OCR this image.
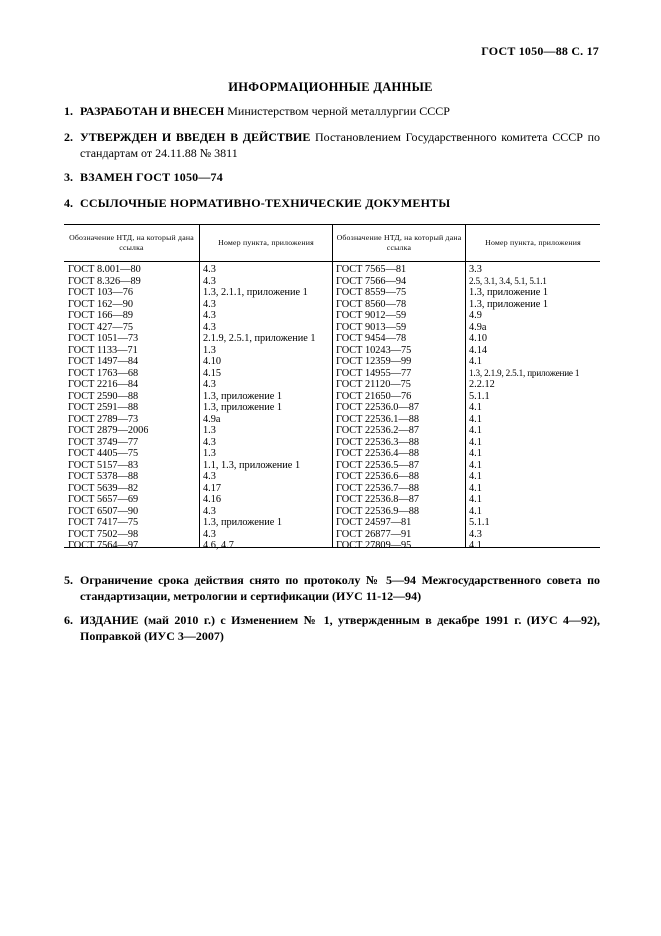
ГОСТ 1050—88 С. 17
ИНФОРМАЦИОННЫЕ ДАННЫЕ
1. РАЗРАБОТАН И ВНЕСЕН Министерством черной металлургии СССР
2. УТВЕРЖДЕН И ВВЕДЕН В ДЕЙСТВИЕ Постановлением Государственного комитета СССР по стандартам от 24.11.88 № 3811
3. ВЗАМЕН ГОСТ 1050—74
4. ССЫЛОЧНЫЕ НОРМАТИВНО-ТЕХНИЧЕСКИЕ ДОКУМЕНТЫ
Обозначение НТД, на который дана ссылка
Номер пункта, приложения
Обозначение НТД, на который дана ссылка
Номер пункта, приложения
ГОСТ 8.001—80
ГОСТ 8.326—89
ГОСТ 103—76
ГОСТ 162—90
ГОСТ 166—89
ГОСТ 427—75
ГОСТ 1051—73
ГОСТ 1133—71
ГОСТ 1497—84
ГОСТ 1763—68
ГОСТ 2216—84
ГОСТ 2590—88
ГОСТ 2591—88
ГОСТ 2789—73
ГОСТ 2879—2006
ГОСТ 3749—77
ГОСТ 4405—75
ГОСТ 5157—83
ГОСТ 5378—88
ГОСТ 5639—82
ГОСТ 5657—69
ГОСТ 6507—90
ГОСТ 7417—75
ГОСТ 7502—98
ГОСТ 7564—97
4.3
4.3
1.3, 2.1.1, приложение 1
4.3
4.3
4.3
2.1.9, 2.5.1, приложение 1
1.3
4.10
4.15
4.3
1.3, приложение 1
1.3, приложение 1
4.9а
1.3
4.3
1.3
1.1, 1.3, приложение 1
4.3
4.17
4.16
4.3
1.3, приложение 1
4.3
4.6, 4.7
ГОСТ 7565—81
ГОСТ 7566—94
ГОСТ 8559—75
ГОСТ 8560—78
ГОСТ 9012—59
ГОСТ 9013—59
ГОСТ 9454—78
ГОСТ 10243—75
ГОСТ 12359—99
ГОСТ 14955—77
ГОСТ 21120—75
ГОСТ 21650—76
ГОСТ 22536.0—87
ГОСТ 22536.1—88
ГОСТ 22536.2—87
ГОСТ 22536.3—88
ГОСТ 22536.4—88
ГОСТ 22536.5—87
ГОСТ 22536.6—88
ГОСТ 22536.7—88
ГОСТ 22536.8—87
ГОСТ 22536.9—88
ГОСТ 24597—81
ГОСТ 26877—91
ГОСТ 27809—95
3.3
2.5, 3.1, 3.4, 5.1, 5.1.1
1.3, приложение 1
1.3, приложение 1
4.9
4.9а
4.10
4.14
4.1
1.3, 2.1.9, 2.5.1, приложение 1
2.2.12
5.1.1
4.1
4.1
4.1
4.1
4.1
4.1
4.1
4.1
4.1
4.1
5.1.1
4.3
4.1
5. Ограничение срока действия снято по протоколу № 5—94 Межгосударственного совета по стандартизации, метрологии и сертификации (ИУС 11-12—94)
6. ИЗДАНИЕ (май 2010 г.) с Изменением № 1, утвержденным в декабре 1991 г. (ИУС 4—92), Поправкой (ИУС 3—2007)
